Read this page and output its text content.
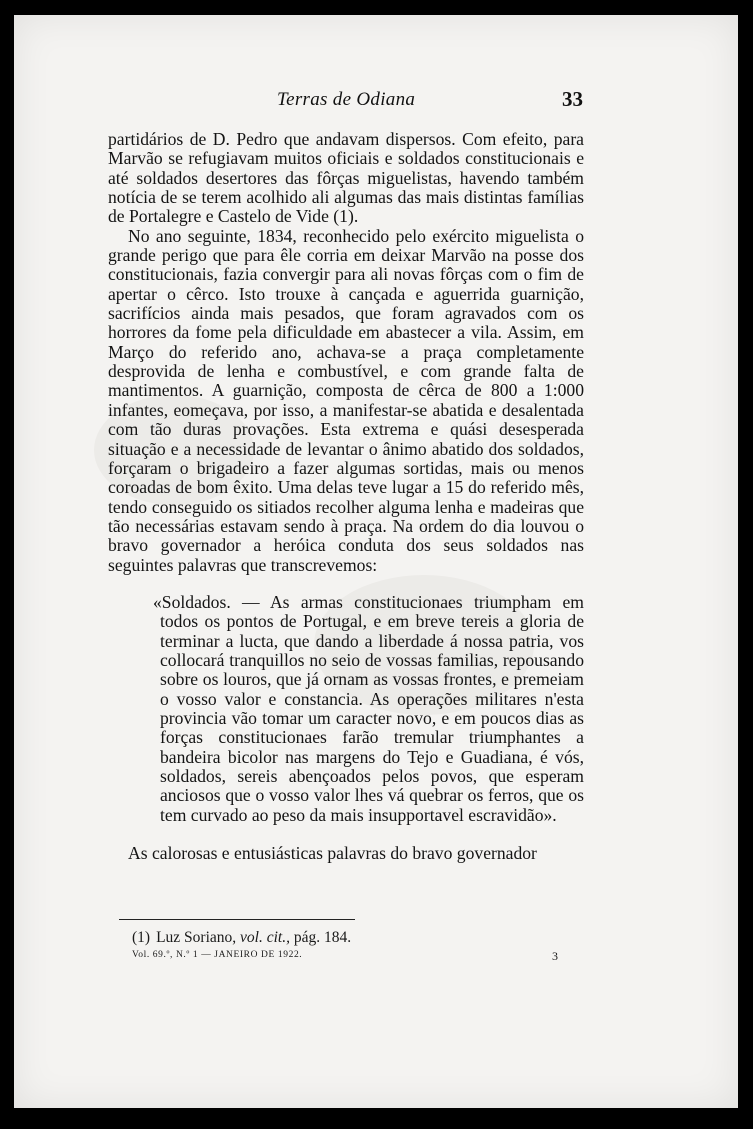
Terras de Odiana	33

partidários de D. Pedro que andavam dispersos. Com efeito, para Marvão se refugiavam muitos oficiais e soldados constitucionais e até soldados desertores das fôrças miguelistas, havendo também notícia de se terem acolhido ali algumas das mais distintas famílias de Portalegre e Castelo de Vide (1).

No ano seguinte, 1834, reconhecido pelo exército miguelista o grande perigo que para êle corria em deixar Marvão na posse dos constitucionais, fazia convergir para ali novas fôrças com o fim de apertar o cêrco. Isto trouxe à cançada e aguerrida guarnição, sacrifícios ainda mais pesados, que foram agravados com os horrores da fome pela dificuldade em abastecer a vila. Assim, em Março do referido ano, achava-se a praça completamente desprovida de lenha e combustível, e com grande falta de mantimentos. A guarnição, composta de cêrca de 800 a 1:000 infantes, eomeçava, por isso, a manifestar-se abatida e desalentada com tão duras provações. Esta extrema e quási desesperada situação e a necessidade de levantar o ânimo abatido dos soldados, forçaram o brigadeiro a fazer algumas sortidas, mais ou menos coroadas de bom êxito. Uma delas teve lugar a 15 do referido mês, tendo conseguido os sitiados recolher alguma lenha e madeiras que tão necessárias estavam sendo à praça. Na ordem do dia louvou o bravo governador a heróica conduta dos seus soldados nas seguintes palavras que transcrevemos:

«Soldados. — As armas constitucionaes triumpham em todos os pontos de Portugal, e em breve tereis a gloria de terminar a lucta, que dando a liberdade á nossa patria, vos collocará tranquillos no seio de vossas familias, repousando sobre os louros, que já ornam as vossas frontes, e premeiam o vosso valor e constancia. As operações militares n'esta provincia vão tomar um caracter novo, e em poucos dias as forças constitucionaes farão tremular triumphantes a bandeira bicolor nas margens do Tejo e Guadiana, é vós, soldados, sereis abençoados pelos povos, que esperam anciosos que o vosso valor lhes vá quebrar os ferros, que os tem curvado ao peso da mais insupportavel escravidão».

As calorosas e entusiásticas palavras do bravo governador

(1) Luz Soriano, vol. cit., pág. 184.
Vol. 69.º, N.º 1 — JANEIRO DE 1922.	3
